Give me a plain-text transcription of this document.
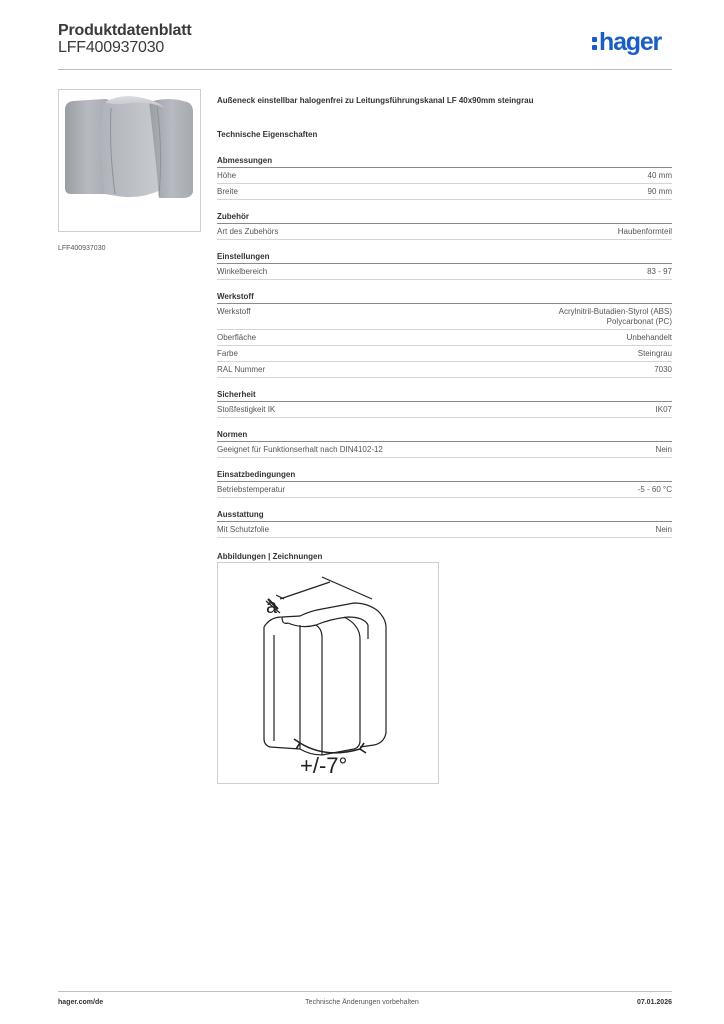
Produktdatenblatt
LFF400937030	hager
LFF400937030
Außeneck einstellbar halogenfrei zu Leitungsführungskanal LF 40x90mm steingrau
Technische Eigenschaften
Abmessungen
Höhe	40 mm
Breite	90 mm
Zubehör
Art des Zubehörs	Haubenformteil
Einstellungen
Winkelbereich	83 - 97
Werkstoff
Werkstoff	Acrylnitril-Butadien-Styrol (ABS)
Polycarbonat (PC)
Oberfläche	Unbehandelt
Farbe	Steingrau
RAL Nummer	7030
Sicherheit
Stoßfestigkeit IK	IK07
Normen
Geeignet für Funktionserhalt nach DIN4102-12	Nein
Einsatzbedingungen
Betriebstemperatur	-5 - 60 °C
Ausstattung
Mit Schutzfolie	Nein
Abbildungen | Zeichnungen
a
+/-7°
hager.com/de	Technische Änderungen vorbehalten	07.01.2026
